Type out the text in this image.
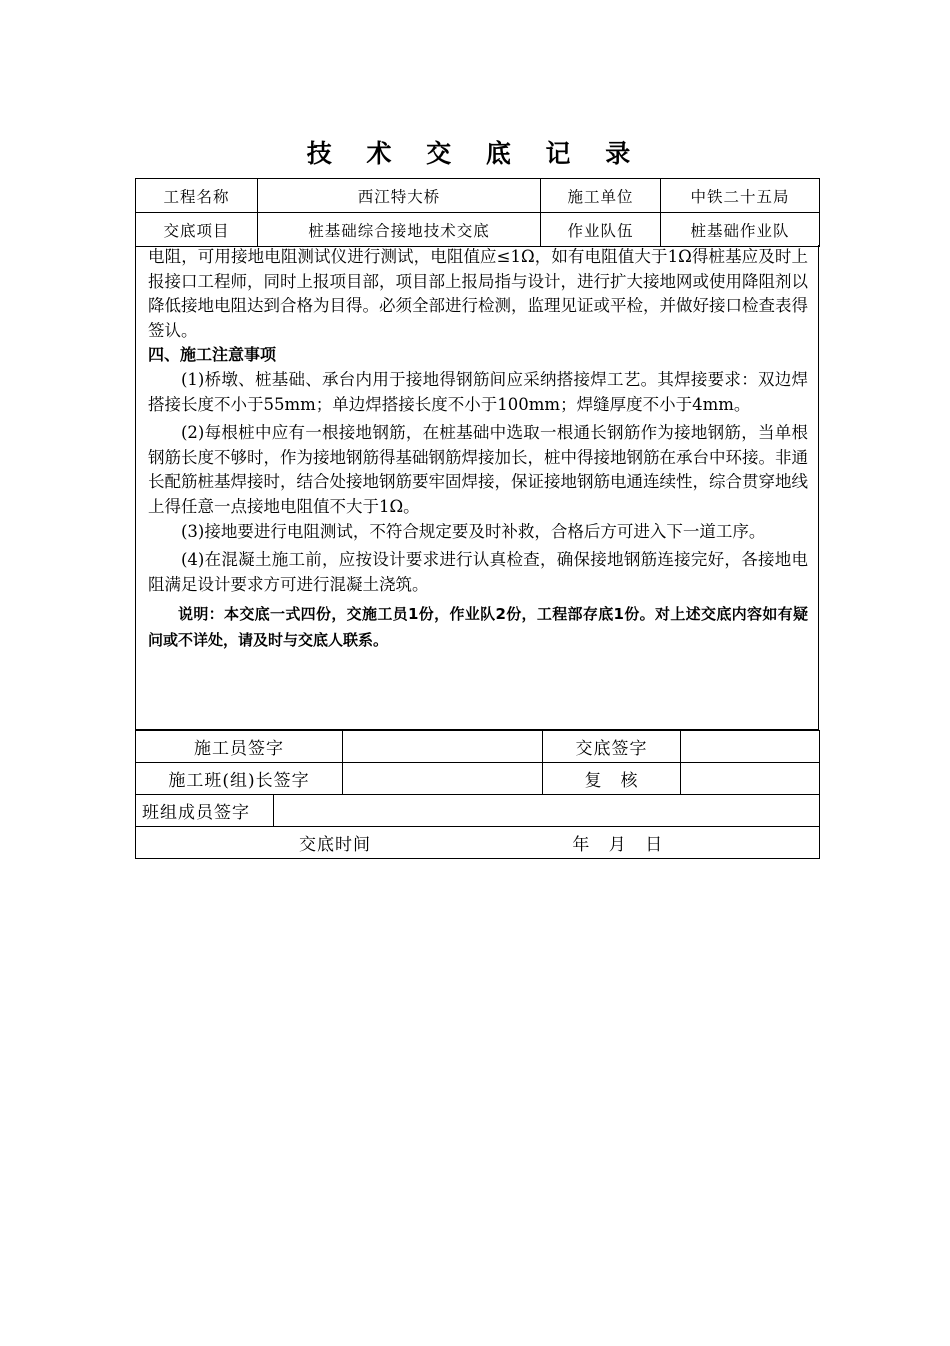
技 术 交 底 记 录
工程名称	西江特大桥	施工单位	中铁二十五局
交底项目	桩基础综合接地技术交底	作业队伍	桩基础作业队

电阻，可用接地电阻测试仪进行测试，电阻值应≤1Ω，如有电阻值大于1Ω得桩基应及时上报接口工程师，同时上报项目部，项目部上报局指与设计，进行扩大接地网或使用降阻剂以降低接地电阻达到合格为目得。必须全部进行检测，监理见证或平检，并做好接口检查表得签认。

四、施工注意事项

(1)桥墩、桩基础、承台内用于接地得钢筋间应采纳搭接焊工艺。其焊接要求：双边焊搭接长度不小于55mm；单边焊搭接长度不小于100mm；焊缝厚度不小于4mm。

(2)每根桩中应有一根接地钢筋，在桩基础中选取一根通长钢筋作为接地钢筋，当单根钢筋长度不够时，作为接地钢筋得基础钢筋焊接加长，桩中得接地钢筋在承台中环接。非通长配筋桩基焊接时，结合处接地钢筋要牢固焊接，保证接地钢筋电通连续性，综合贯穿地线上得任意一点接地电阻值不大于1Ω。

(3)接地要进行电阻测试，不符合规定要及时补救，合格后方可进入下一道工序。

(4)在混凝土施工前，应按设计要求进行认真检查，确保接地钢筋连接完好，各接地电阻满足设计要求方可进行混凝土浇筑。

说明：本交底一式四份，交施工员1份，作业队2份，工程部存底1份。对上述交底内容如有疑问或不详处，请及时与交底人联系。

施工员签字			交底签字	
施工班(组)长签字			复　核	
班组成员签字				
交底时间 年 月 日				
